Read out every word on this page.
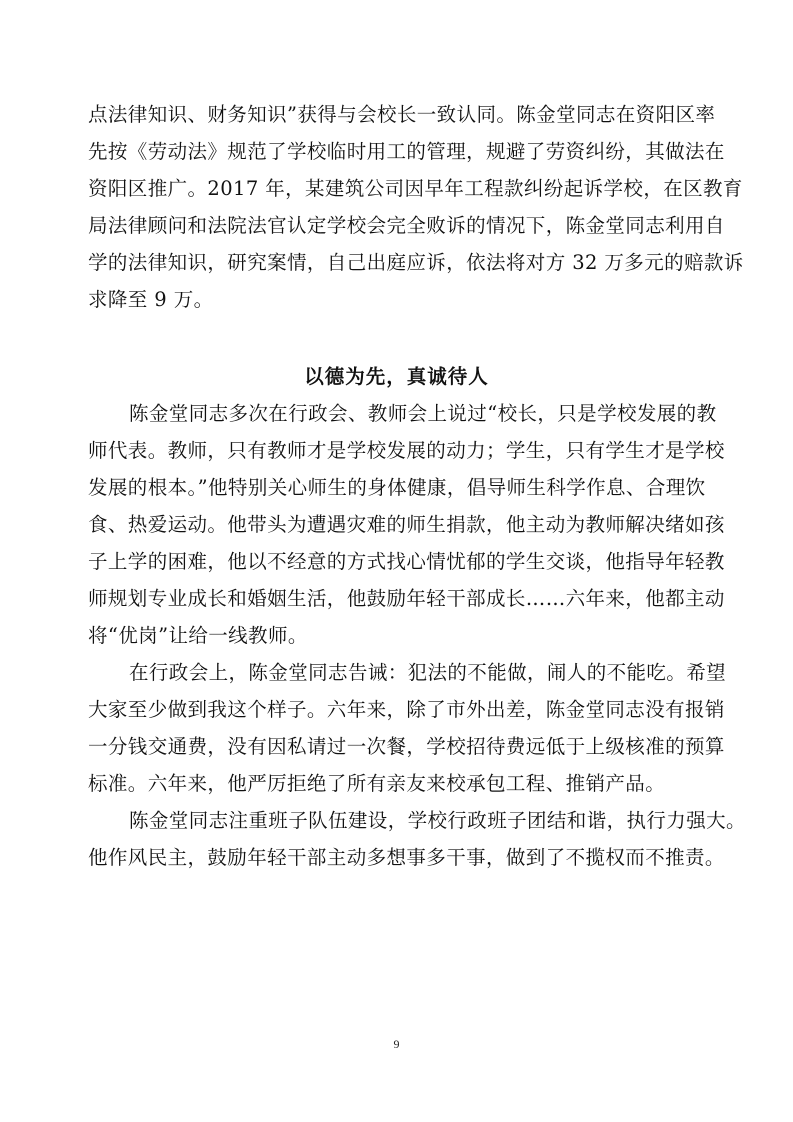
点法律知识、财务知识”获得与会校长一致认同。陈金堂同志在资阳区率
先按《劳动法》规范了学校临时用工的管理，规避了劳资纠纷，其做法在
资阳区推广。2017 年，某建筑公司因早年工程款纠纷起诉学校，在区教育
局法律顾问和法院法官认定学校会完全败诉的情况下，陈金堂同志利用自
学的法律知识，研究案情，自己出庭应诉，依法将对方 32 万多元的赔款诉
求降至 9 万。
以德为先，真诚待人
陈金堂同志多次在行政会、教师会上说过“校长，只是学校发展的教
师代表。教师，只有教师才是学校发展的动力；学生，只有学生才是学校
发展的根本。”他特别关心师生的身体健康，倡导师生科学作息、合理饮
食、热爱运动。他带头为遭遇灾难的师生捐款，他主动为教师解决绪如孩
子上学的困难，他以不经意的方式找心情忧郁的学生交谈，他指导年轻教
师规划专业成长和婚姻生活，他鼓励年轻干部成长……六年来，他都主动
将“优岗”让给一线教师。
在行政会上，陈金堂同志告诫：犯法的不能做，闹人的不能吃。希望
大家至少做到我这个样子。六年来，除了市外出差，陈金堂同志没有报销
一分钱交通费，没有因私请过一次餐，学校招待费远低于上级核准的预算
标准。六年来，他严厉拒绝了所有亲友来校承包工程、推销产品。
陈金堂同志注重班子队伍建设，学校行政班子团结和谐，执行力强大。
他作风民主，鼓励年轻干部主动多想事多干事，做到了不揽权而不推责。
9
